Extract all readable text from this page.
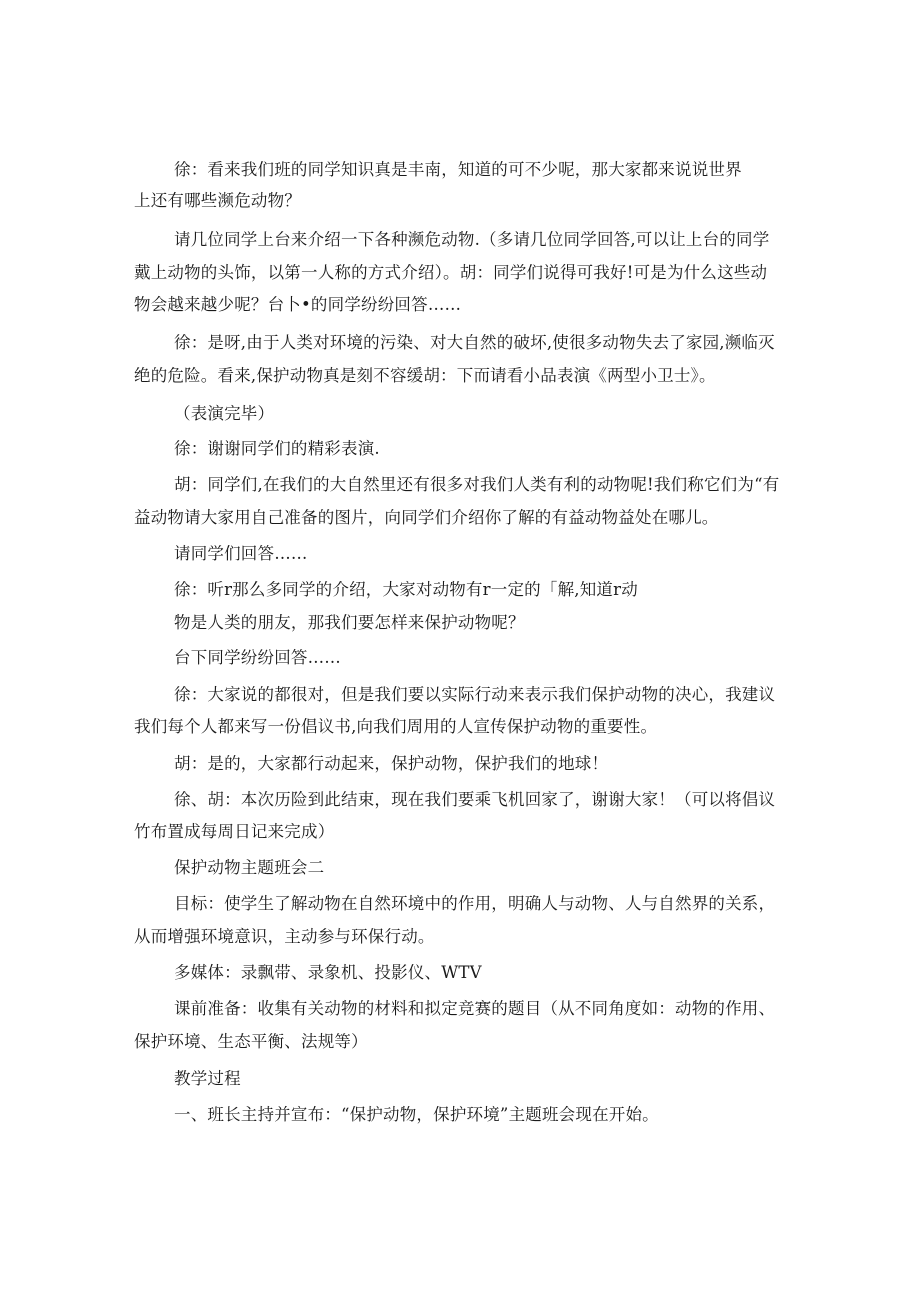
徐：看来我们班的同学知识真是丰南，知道的可不少呢，那大家都来说说世界
上还有哪些濒危动物？
请几位同学上台来介绍一下各种濒危动物.（多请几位同学回答,可以让上台的同学
戴上动物的头饰，以第一人称的方式介绍）。胡：同学们说得可我好!可是为什么这些动
物会越来越少呢？台卜•的同学纷纷回答……
徐：是呀,由于人类对环境的污染、对大自然的破坏,使很多动物失去了家园,濒临灭
绝的危险。看来,保护动物真是刻不容缓胡：下而请看小品表演《两型小卫士》。
（表演完毕）
徐：谢谢同学们的精彩表演.
胡：同学们,在我们的大自然里还有很多对我们人类有利的动物呢!我们称它们为“有
益动物请大家用自己准备的图片，向同学们介绍你了解的有益动物益处在哪儿。
请同学们回答……
徐：听r那么多同学的介绍，大家对动物有r一定的「解,知道r动
物是人类的朋友，那我们要怎样来保护动物呢？
台下同学纷纷回答……
徐：大家说的都很对，但是我们要以实际行动来表示我们保护动物的决心，我建议
我们每个人都来写一份倡议书,向我们周用的人宣传保护动物的重要性。
胡：是的，大家都行动起来，保护动物，保护我们的地球！
徐、胡：本次历险到此结束，现在我们要乘飞机回家了，谢谢大家！（可以将倡议
竹布置成每周日记来完成）
保护动物主题班会二
目标：使学生了解动物在自然环境中的作用，明确人与动物、人与自然界的关系，
从而增强环境意识，主动参与环保行动。
多媒体：录飘带、录象机、投影仪、WTV
课前准备：收集有关动物的材料和拟定竞赛的题目（从不同角度如：动物的作用、
保护环境、生态平衡、法规等）
教学过程
一、班长主持并宣布：“保护动物，保护环境”主题班会现在开始。
